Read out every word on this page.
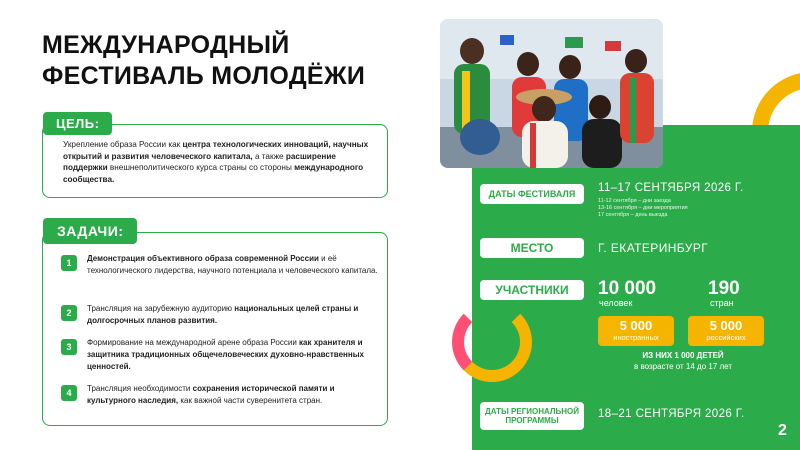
МЕЖДУНАРОДНЫЙ
ФЕСТИВАЛЬ МОЛОДЁЖИ
ЦЕЛЬ:
Укрепление образа России как центра технологических инноваций, научных открытий и развития человеческого капитала, а также расширение поддержки внешнеполитического курса страны со стороны международного сообщества.
ЗАДАЧИ:
1	Демонстрация объективного образа современной России и её технологического лидерства, научного потенциала и человеческого капитала.
2	Трансляция на зарубежную аудиторию национальных целей страны и долгосрочных планов развития.
3	Формирование на международной арене образа России как хранителя и защитника традиционных общечеловеческих духовно-нравственных ценностей.
4	Трансляция необходимости сохранения исторической памяти и культурного наследия, как важной части суверенитета стран.
ДАТЫ ФЕСТИВАЛЯ	11–17 СЕНТЯБРЯ 2026 Г.
11-12 сентября – дни заезда
13-16 сентября – дни мероприятия
17 сентября – день выезда
МЕСТО	Г. ЕКАТЕРИНБУРГ
УЧАСТНИКИ	10 000
человек
190
стран
5 000
иностранных
5 000
российских
ИЗ НИХ 1 000 ДЕТЕЙ
в возрасте от 14 до 17 лет
ДАТЫ РЕГИОНАЛЬНОЙ ПРОГРАММЫ
18–21 СЕНТЯБРЯ 2026 Г.
2
